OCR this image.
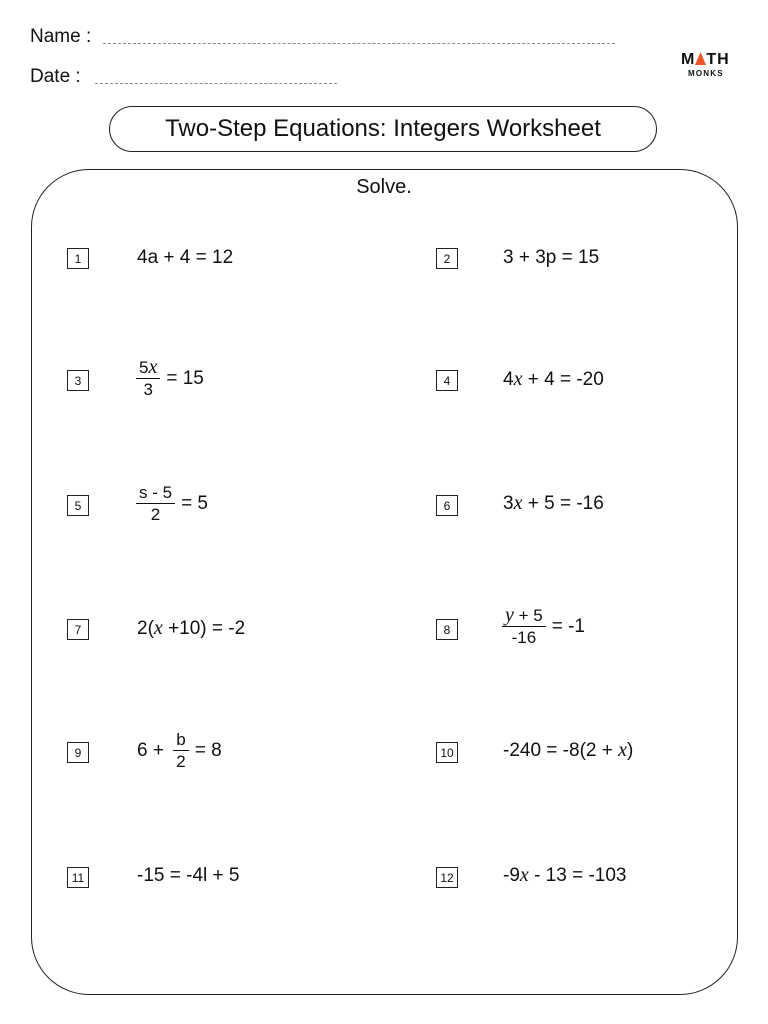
Name :
Date :
M TH
MONKS
Two-Step Equations: Integers Worksheet
Solve.
1	4a + 4 = 12	2	3 + 3p = 15
3	$\frac{5x}{3} = 15$	4	4 x + 4 = -20
5	$\frac{s - 5}{2} = 5$	6	3 x + 5 = -16
7	2( x +10) = -2	8	$\frac{y + 5}{-16} = -1$
9	$6 + \frac{b}{2} = 8$	10	-240 = -8(2 + x )
11	-15 = -4l + 5	12	-9 x - 13 = -103
